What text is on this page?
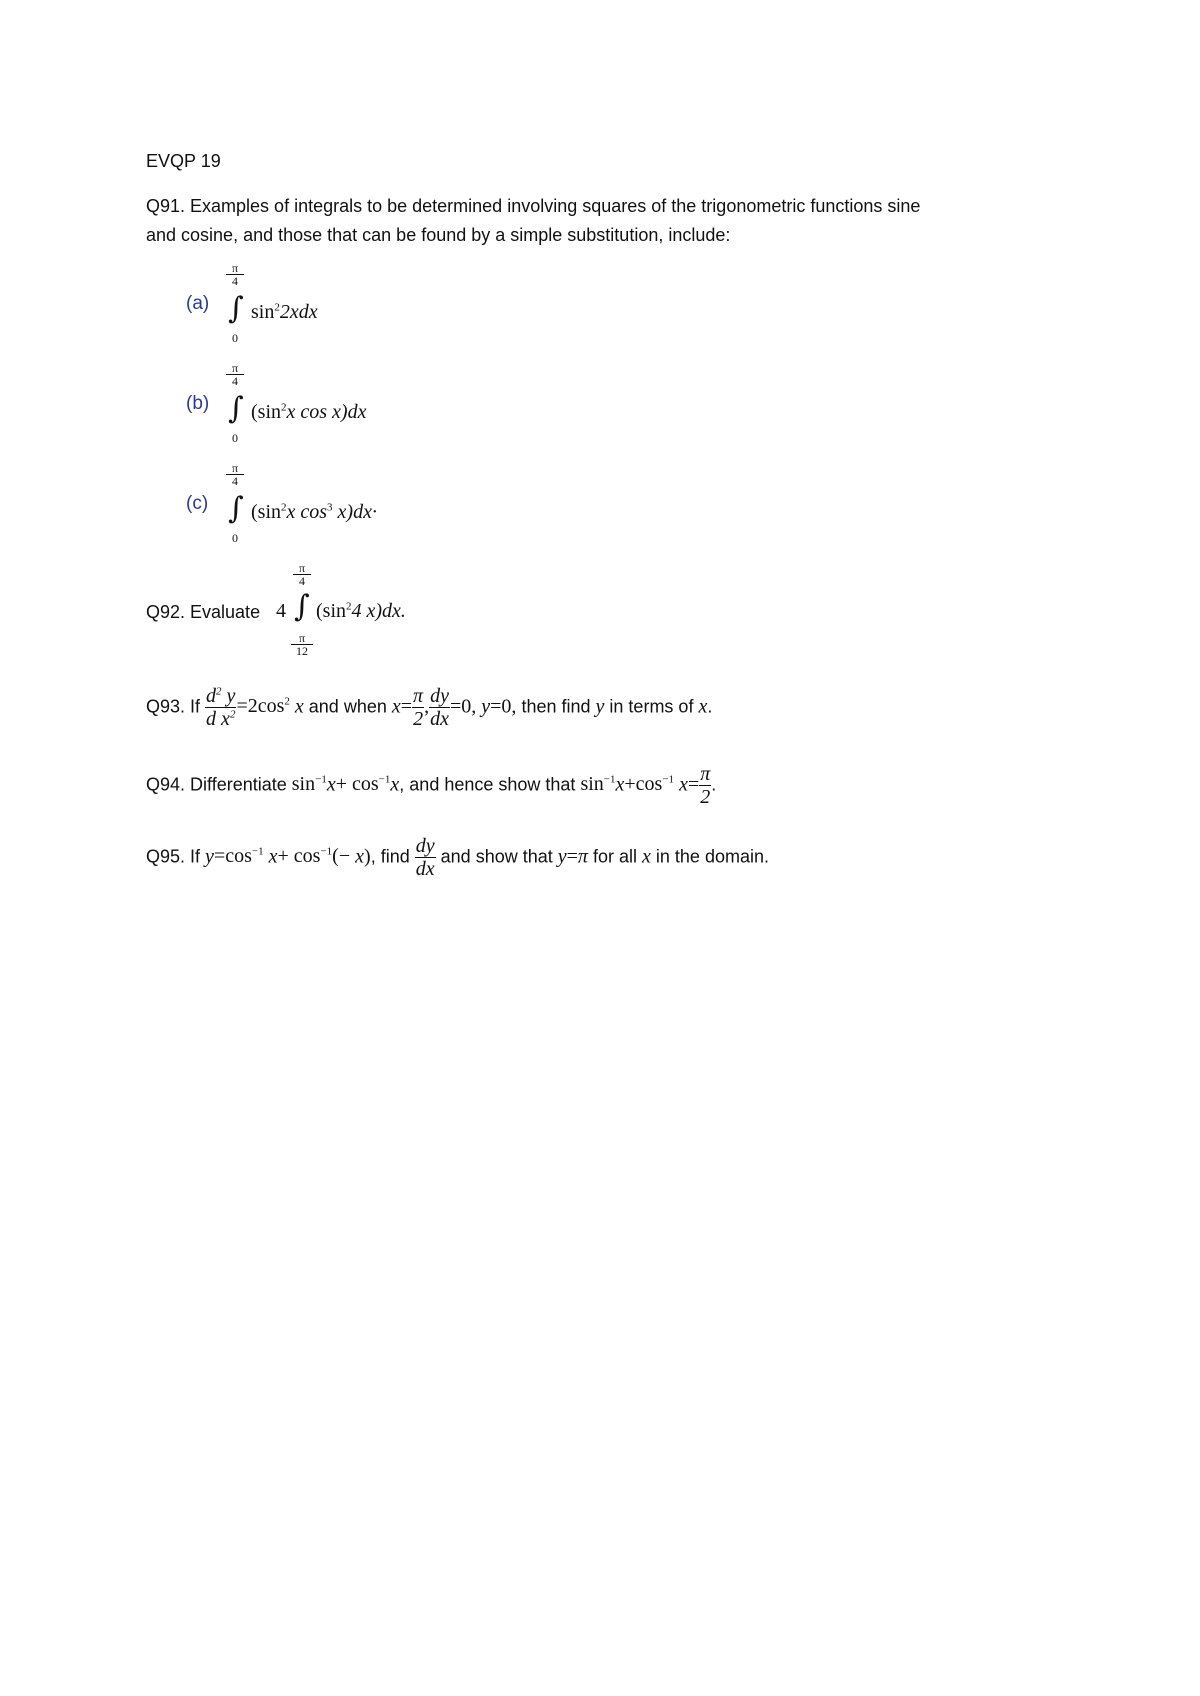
EVQP 19
Q91. Examples of integrals to be determined involving squares of the trigonometric functions sine
and cosine, and those that can be found by a simple substitution, include:
(a)
π
4
∫
0
$\sin^22xdx$
(b)
π
4
∫
0
($\sin^2x$ cos x)dx
(c)
π
4
∫
0
($\sin^2x$ $\cos^3 x)dx\cdot$
Q92. Evaluate 4
π
4
∫
π
12
($\sin^24$ x)dx.
Q93. If $\frac{d^2 y}{d x^2} =2\cos^2$ x and when $x= \frac{\pi}{2}$ , $\frac{dy}{dx} =0$, y=0, then find y in terms of x.
Q94. Differentiate $\sin^{-1}x+ \cos^{-1}x$, and hence show that $\sin^{-1}x+\cos^{-1}$ $x= \frac{\pi}{2}$ .
Q95. If $y=\cos^{-1}$ $x+ \cos^{-1}(- x)$, find $\frac{dy}{dx}$ and show that y=π for all x in the domain.
